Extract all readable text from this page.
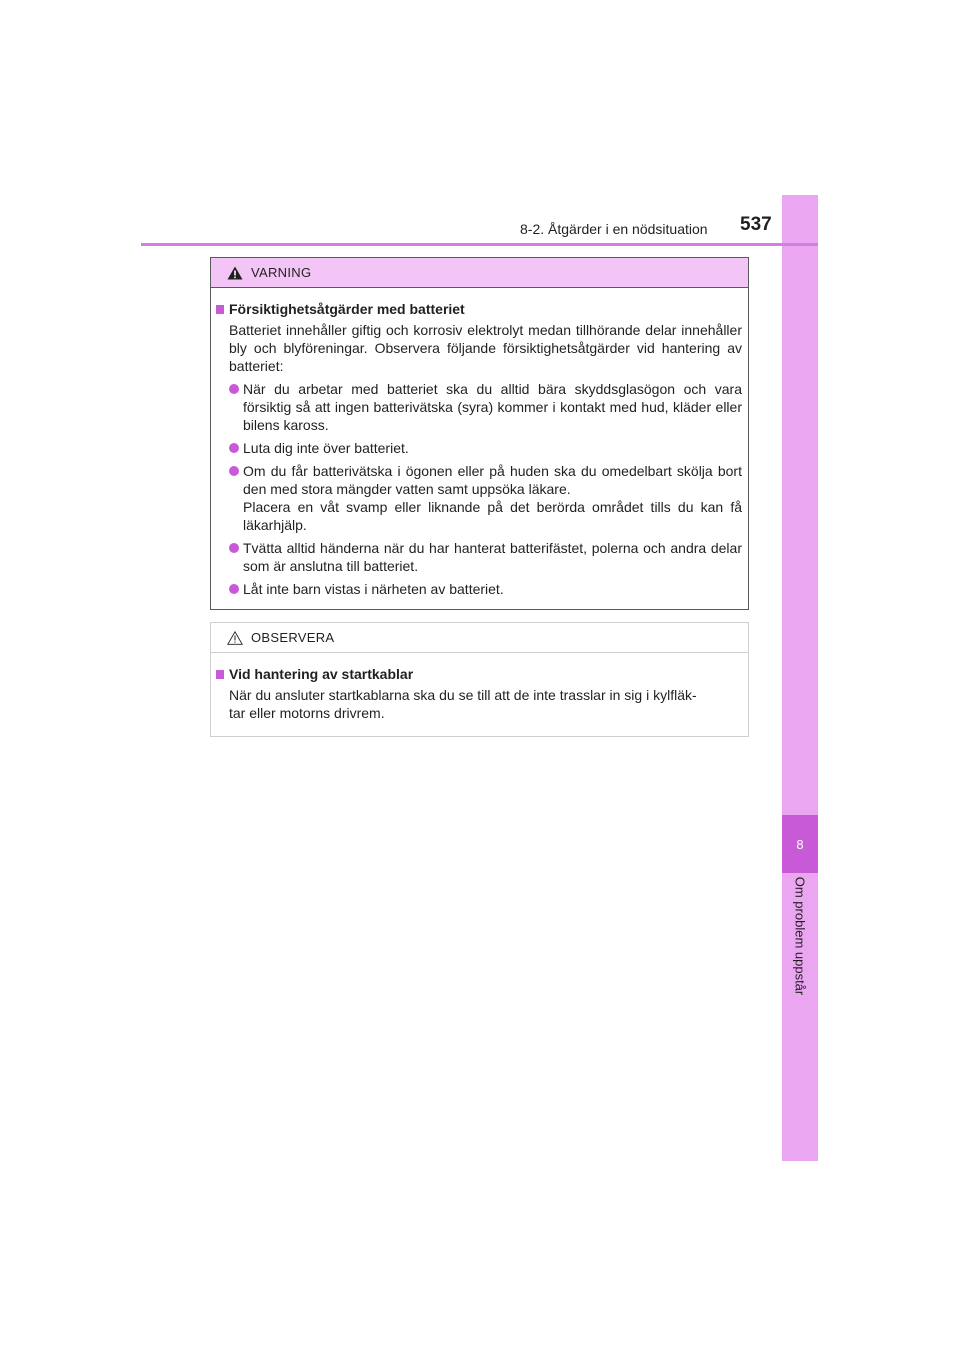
8
Om problem uppstår
8-2. Åtgärder i en nödsituation 537
VARNING
Försiktighetsåtgärder med batteriet
Batteriet innehåller giftig och korrosiv elektrolyt medan tillhörande delar innehåller bly och blyföreningar. Observera följande försiktighetsåtgärder vid hantering av batteriet:
När du arbetar med batteriet ska du alltid bära skyddsglasögon och vara försiktig så att ingen batterivätska (syra) kommer i kontakt med hud, kläder eller bilens kaross.
Luta dig inte över batteriet.
Om du får batterivätska i ögonen eller på huden ska du omedelbart skölja bort den med stora mängder vatten samt uppsöka läkare.
Placera en våt svamp eller liknande på det berörda området tills du kan få läkarhjälp.
Tvätta alltid händerna när du har hanterat batterifästet, polerna och andra delar som är anslutna till batteriet.
Låt inte barn vistas i närheten av batteriet.
OBSERVERA
Vid hantering av startkablar
När du ansluter startkablarna ska du se till att de inte trasslar in sig i kylfläk-
tar eller motorns drivrem.
